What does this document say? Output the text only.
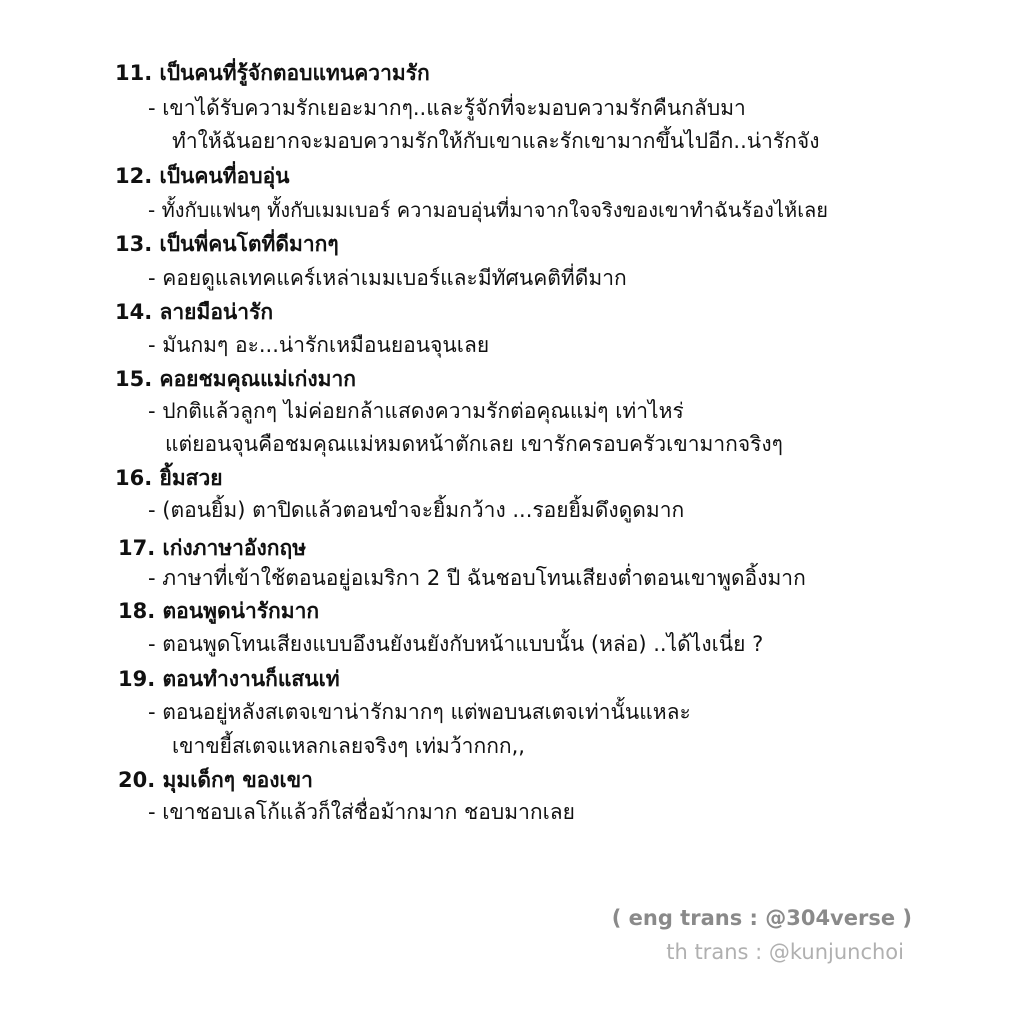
11. เป็นคนที่รู้จักตอบแทนความรัก
- เขาได้รับความรักเยอะมากๆ..และรู้จักที่จะมอบความรักคืนกลับมา
ทำให้ฉันอยากจะมอบความรักให้กับเขาและรักเขามากขึ้นไปอีก..น่ารักจัง
12. เป็นคนที่อบอุ่น
- ทั้งกับแฟนๆ ทั้งกับเมมเบอร์ ความอบอุ่นที่มาจากใจจริงของเขาทำฉันร้องไห้เลย
13. เป็นพี่คนโตที่ดีมากๆ
- คอยดูแลเทคแคร์เหล่าเมมเบอร์และมีทัศนคติที่ดีมาก
14. ลายมือน่ารัก
- มันกมๆ อะ...น่ารักเหมือนยอนจุนเลย
15. คอยชมคุณแม่เก่งมาก
- ปกติแล้วลูกๆ ไม่ค่อยกล้าแสดงความรักต่อคุณแม่ๆ เท่าไหร่
แต่ยอนจุนคือชมคุณแม่หมดหน้าตักเลย เขารักครอบครัวเขามากจริงๆ
16. ยิ้มสวย
- (ตอนยิ้ม) ตาปิดแล้วตอนขำจะยิ้มกว้าง ...รอยยิ้มดึงดูดมาก
17. เก่งภาษาอังกฤษ
- ภาษาที่เข้าใช้ตอนอยู่อเมริกา 2 ปี ฉันชอบโทนเสียงต่ำตอนเขาพูดอิ้งมาก
18. ตอนพูดน่ารักมาก
- ตอนพูดโทนเสียงแบบอึงนยังนยังกับหน้าแบบนั้น (หล่อ) ..ได้ไงเนี่ย ?
19. ตอนทำงานก็แสนเท่
- ตอนอยู่หลังสเตจเขาน่ารักมากๆ แต่พอบนสเตจเท่านั้นแหละ
เขาขยี้สเตจแหลกเลยจริงๆ เท่มว้ากกก,,
20. มุมเด็กๆ ของเขา
- เขาชอบเลโก้แล้วก็ใส่ชื่อม้ากมาก ชอบมากเลย
( eng trans : @304verse )
th trans : @kunjunchoi
